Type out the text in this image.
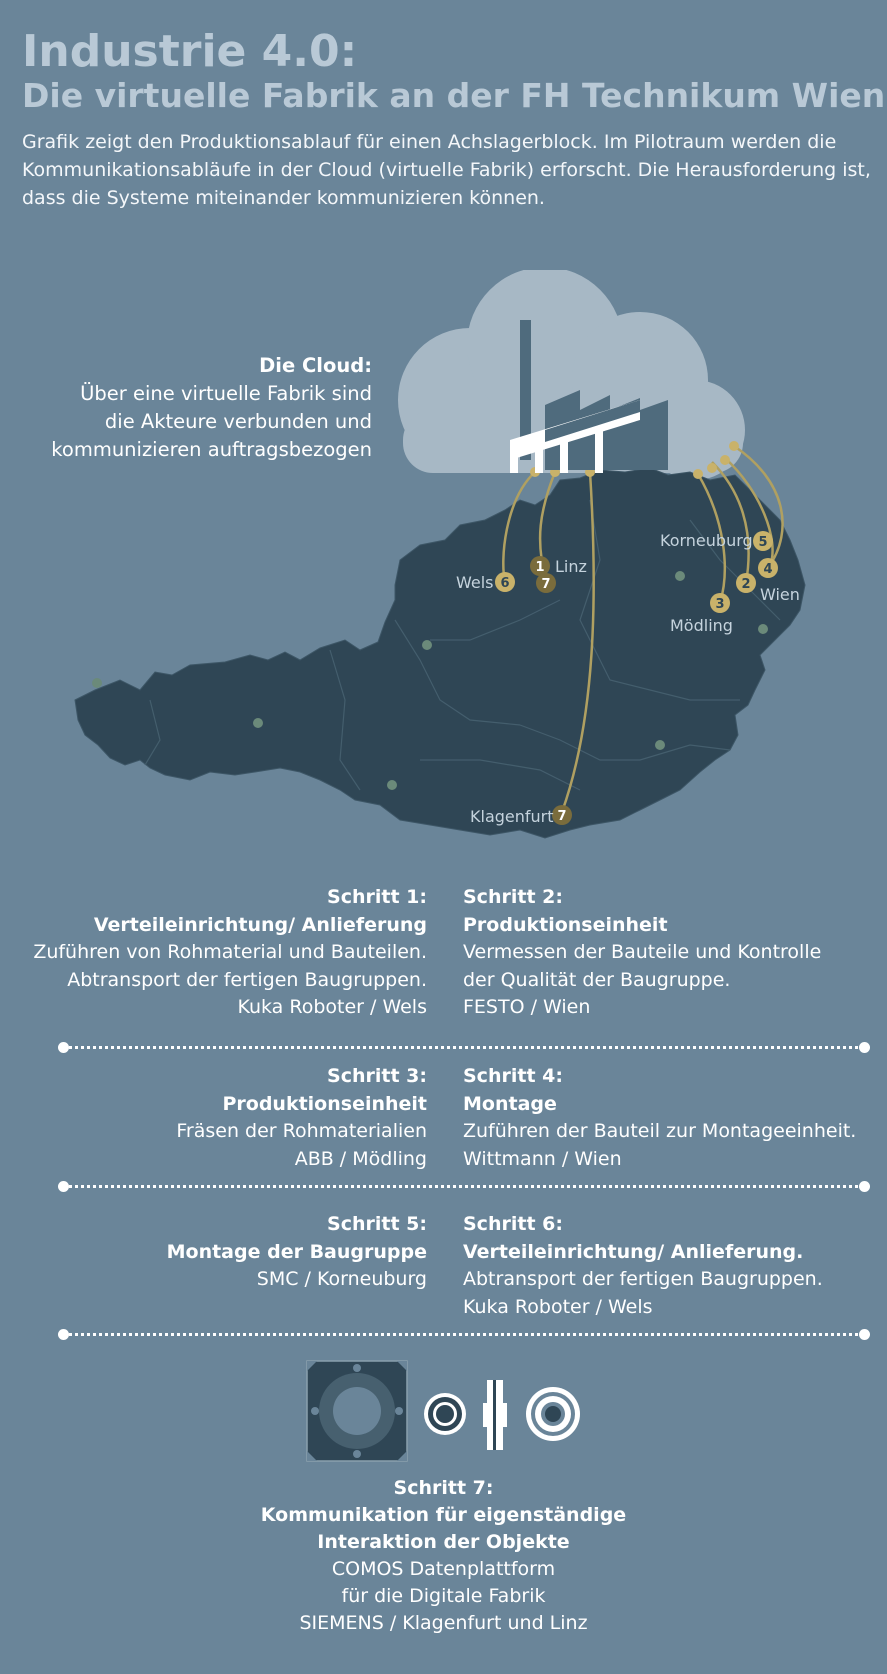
Industrie 4.0:
Die virtuelle Fabrik an der FH Technikum Wien
Grafik zeigt den Produktionsablauf für einen Achslagerblock. Im Pilotraum werden die Kommunikationsabläufe in der Cloud (virtuelle Fabrik) erforscht. Die Herausforderung ist, dass die Systeme miteinander kommunizieren können.
6
1
7
5
4
2
3
7
Wels
Linz
Korneuburg
Wien
Mödling
Klagenfurt
Die Cloud:
Über eine virtuelle Fabrik sind
die Akteure verbunden und
kommunizieren auftragsbezogen
Schritt 1:
Verteileinrichtung/ Anlieferung
Zuführen von Rohmaterial und Bauteilen.
Abtransport der fertigen Baugruppen.
Kuka Roboter / Wels
Schritt 2:
Produktionseinheit
Vermessen der Bauteile und Kontrolle
der Qualität der Baugruppe.
FESTO / Wien
Schritt 3:
Produktionseinheit
Fräsen der Rohmaterialien
ABB / Mödling
Schritt 4:
Montage
Zuführen der Bauteil zur Montageeinheit.
Wittmann / Wien
Schritt 5:
Montage der Baugruppe
SMC / Korneuburg
Schritt 6:
Verteileinrichtung/ Anlieferung.
Abtransport der fertigen Baugruppen.
Kuka Roboter / Wels
Schritt 7:
Kommunikation für eigenständige
Interaktion der Objekte
COMOS Datenplattform
für die Digitale Fabrik
SIEMENS / Klagenfurt und Linz
